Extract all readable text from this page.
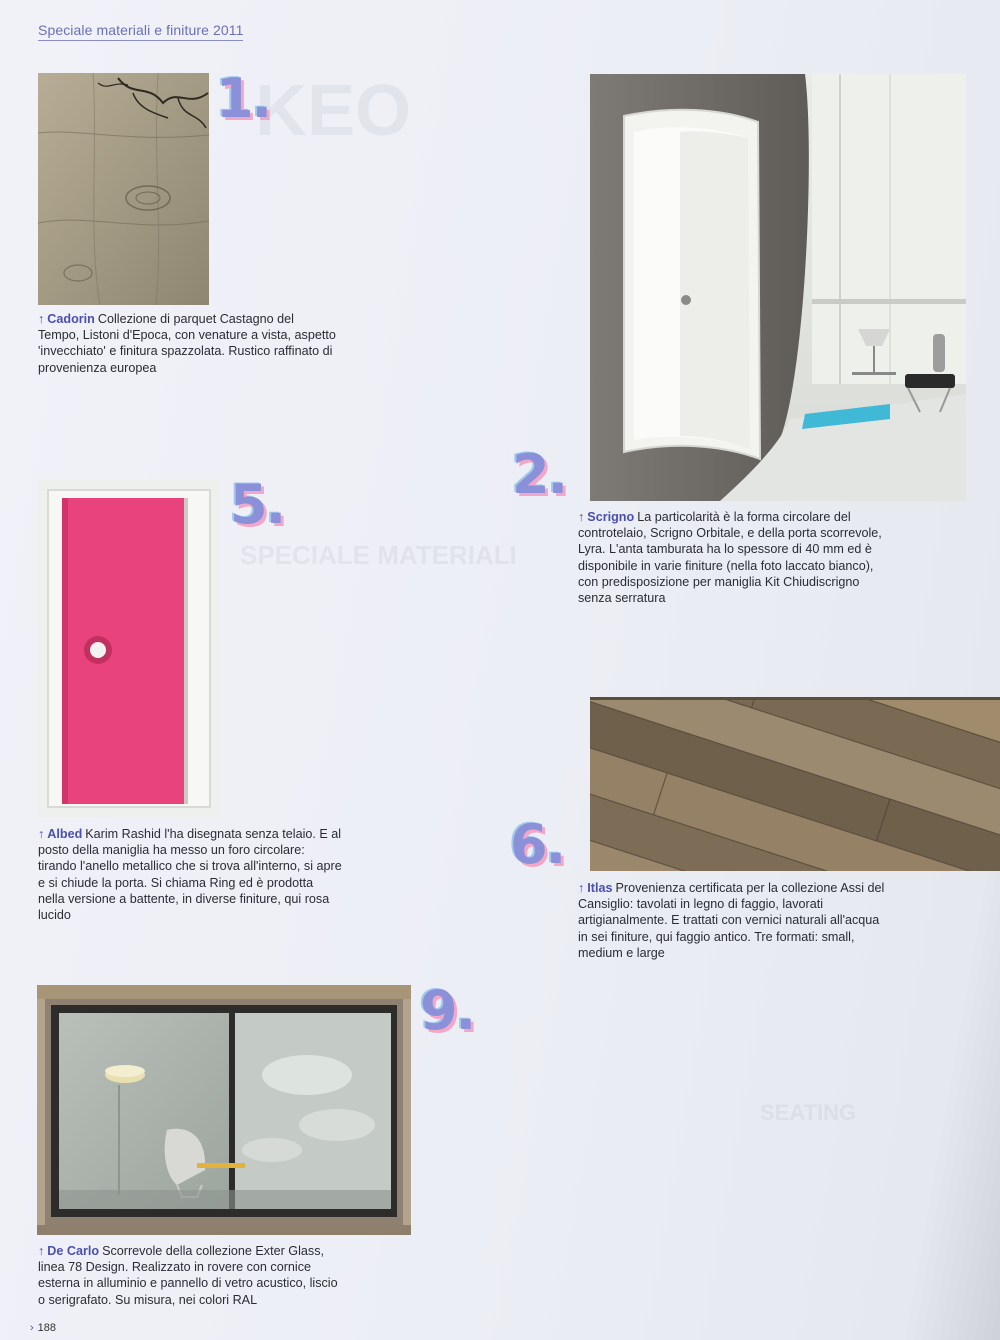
KEO
SPECIALE MATERIALI
SEATING
Speciale materiali e finiture 2011
1.
↑ Cadorin Collezione di parquet Castagno del Tempo, Listoni d'Epoca, con venature a vista, aspetto 'invecchiato' e finitura spazzolata. Rustico raffinato di provenienza europea
2.
↑ Scrigno La particolarità è la forma circolare del controtelaio, Scrigno Orbitale, e della porta scorrevole, Lyra. L'anta tamburata ha lo spessore di 40 mm ed è disponibile in varie finiture (nella foto laccato bianco), con predisposizione per maniglia Kit Chiudiscrigno senza serratura
5.
↑ Albed Karim Rashid l'ha disegnata senza telaio. E al posto della maniglia ha messo un foro circolare: tirando l'anello metallico che si trova all'interno, si apre e si chiude la porta. Si chiama Ring ed è prodotta nella versione a battente, in diverse finiture, qui rosa lucido
6.
↑ Itlas Provenienza certificata per la collezione Assi del Cansiglio: tavolati in legno di faggio, lavorati artigianalmente. E trattati con vernici naturali all'acqua in sei finiture, qui faggio antico. Tre formati: small, medium e large
9.
↑ De Carlo Scorrevole della collezione Exter Glass, linea 78 Design. Realizzato in rovere con cornice esterna in alluminio e pannello di vetro acustico, liscio o serigrafato. Su misura, nei colori RAL
› 188
